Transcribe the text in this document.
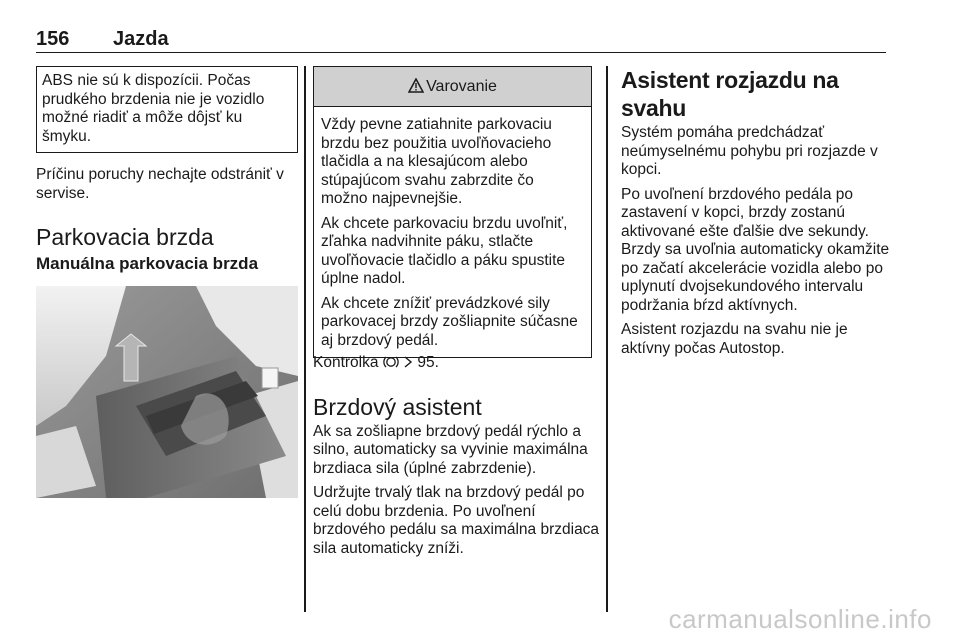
156 Jazda

ABS nie sú k dispozícii. Počas prudkého brzdenia nie je vozidlo možné riadiť a môže dôjsť ku šmyku.

Príčinu poruchy nechajte odstrániť v servise.

Parkovacia brzda
Manuálna parkovacia brzda
Varovanie

Vždy pevne zatiahnite parkovaciu brzdu bez použitia uvoľňovacieho tlačidla a na klesajúcom alebo stúpajúcom svahu zabrzdite čo možno najpevnejšie.

Ak chcete parkovaciu brzdu uvoľniť, zľahka nadvihnite páku, stlačte uvoľňovacie tlačidlo a páku spustite úplne nadol.

Ak chcete znížiť prevádzkové sily parkovacej brzdy zošliapnite súčasne aj brzdový pedál.

Kontrolka	95.

Brzdový asistent

Ak sa zošliapne brzdový pedál rýchlo a silno, automaticky sa vyvinie maximálna brzdiaca sila (úplné zabrzdenie).

Udržujte trvalý tlak na brzdový pedál po celú dobu brzdenia. Po uvoľnení brzdového pedálu sa maximálna brzdiaca sila automaticky zníži.

Asistent rozjazdu na svahu

Systém pomáha predchádzať neúmyselnému pohybu pri rozjazde v kopci.

Po uvoľnení brzdového pedála po zastavení v kopci, brzdy zostanú aktivované ešte ďalšie dve sekundy. Brzdy sa uvoľnia automaticky okamžite po začatí akcelerácie vozidla alebo po uplynutí dvojsekundového intervalu podržania bŕzd aktívnych.

Asistent rozjazdu na svahu nie je aktívny počas Autostop.

carmanualsonline.info
